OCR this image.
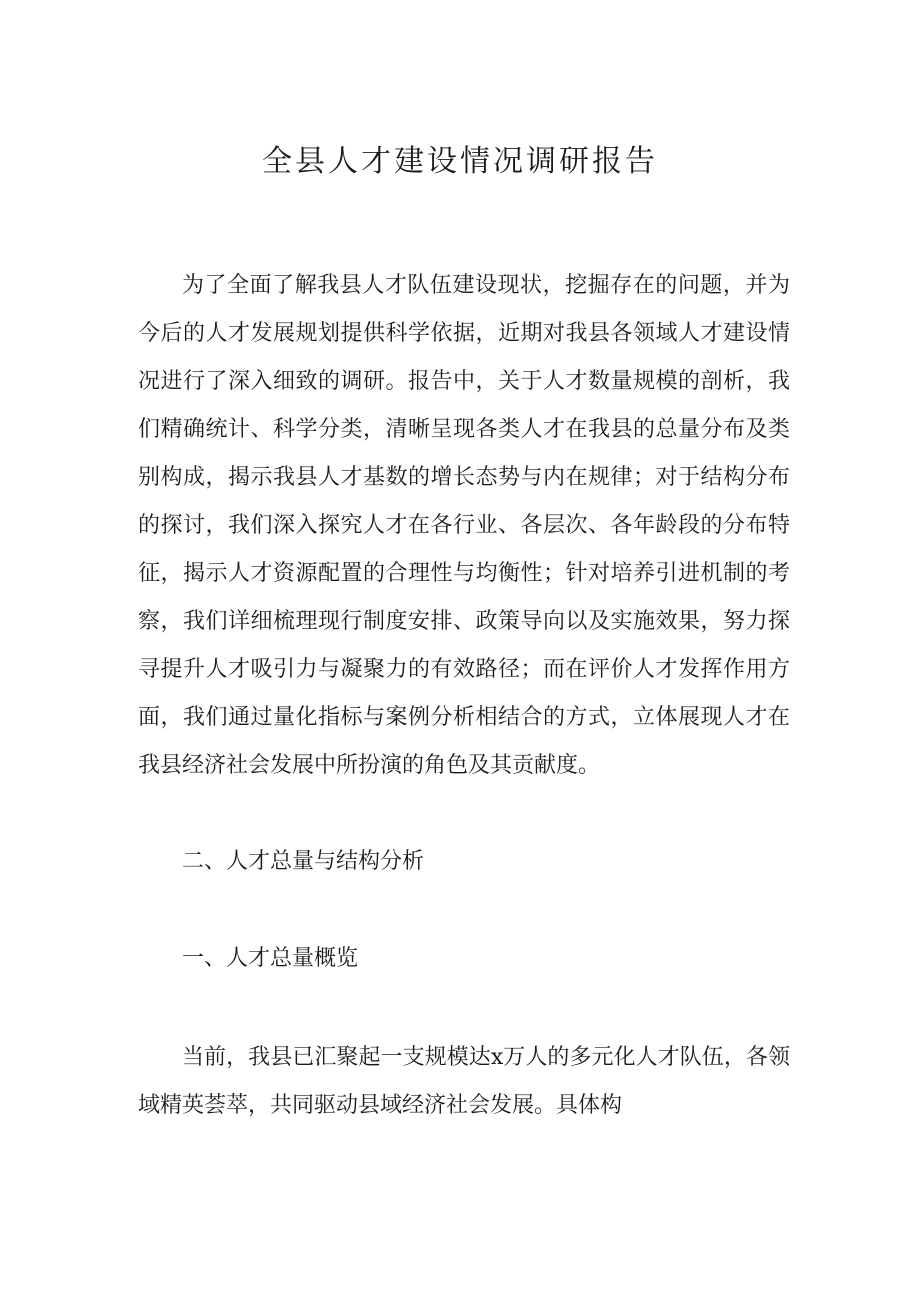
全县人才建设情况调研报告

为了全面了解我县人才队伍建设现状，挖掘存在的问题，并为今后的人才发展规划提供科学依据，近期对我县各领域人才建设情况进行了深入细致的调研。报告中，关于人才数量规模的剖析，我们精确统计、科学分类，清晰呈现各类人才在我县的总量分布及类别构成，揭示我县人才基数的增长态势与内在规律；对于结构分布的探讨，我们深入探究人才在各行业、各层次、各年龄段的分布特征，揭示人才资源配置的合理性与均衡性；针对培养引进机制的考察，我们详细梳理现行制度安排、政策导向以及实施效果，努力探寻提升人才吸引力与凝聚力的有效路径；而在评价人才发挥作用方面，我们通过量化指标与案例分析相结合的方式，立体展现人才在我县经济社会发展中所扮演的角色及其贡献度。

二、人才总量与结构分析

一、人才总量概览

当前，我县已汇聚起一支规模达x万人的多元化人才队伍，各领域精英荟萃，共同驱动县域经济社会发展。具体构
